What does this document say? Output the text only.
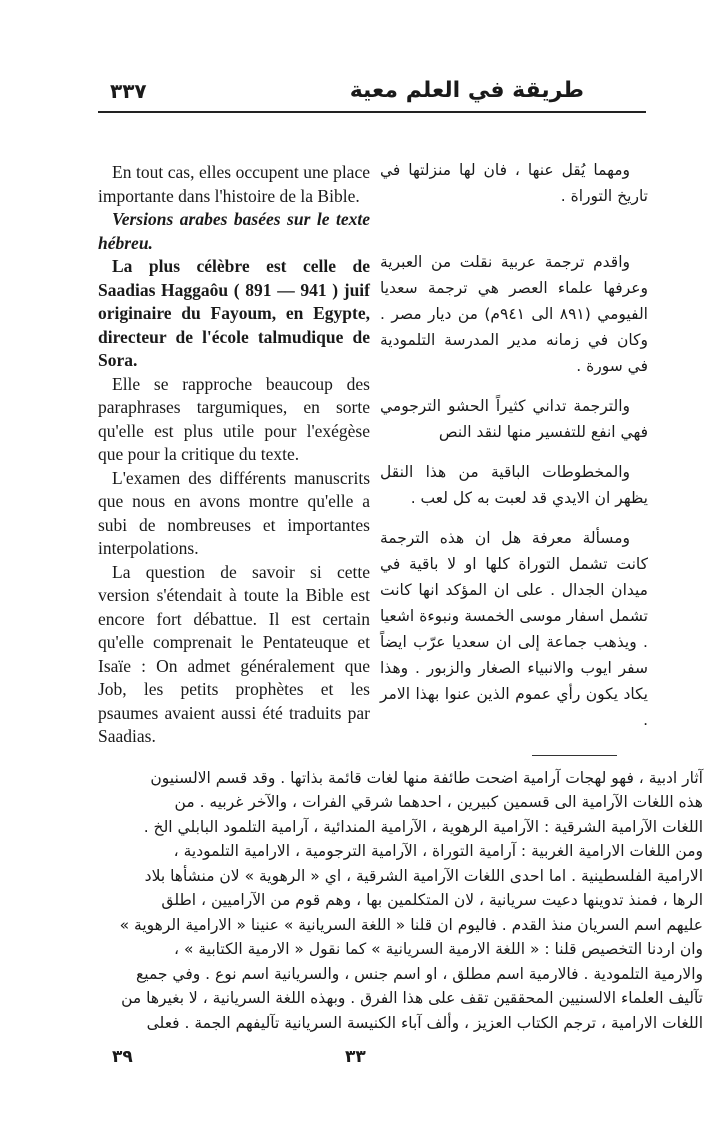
٣٣٧	طريقة في العلم معية

En tout cas, elles occupent une place importante dans l'histoire de la Bible.

Versions arabes basées sur le texte hébreu.

La plus célèbre est celle de Saadias Haggaôu ( 891 — 941 ) juif originaire du Fayoum, en Egypte, directeur de l'école talmudique de Sora.

Elle se rapproche beaucoup des paraphrases targumiques, en sorte qu'elle est plus utile pour l'exégèse que pour la critique du texte.

L'examen des différents manuscrits que nous en avons montre qu'elle a subi de nombreuses et importantes interpolations.

La question de savoir si cette version s'étendait à toute la Bible est encore fort débattue. Il est certain qu'elle comprenait le Pentateuque et Isaïe : On admet généralement que Job, les petits prophètes et les psaumes avaient aussi été traduits par Saadias.

ومهما يُقل عنها ، فان لها منزلتها في تاريخ التوراة .

واقدم ترجمة عربية نقلت من العبرية وعرفها علماء العصر هي ترجمة سعديا الفيومي (٨٩١ الى ٩٤١م) من ديار مصر . وكان في زمانه مدير المدرسة التلمودية في سورة .

والترجمة تداني كثيراً الحشو الترجومي فهي انفع للتفسير منها لنقد النص

والمخطوطات الباقية من هذا النقل يظهر ان الايدي قد لعبت به كل لعب .

ومسألة معرفة هل ان هذه الترجمة كانت تشمل التوراة كلها او لا باقية في ميدان الجدال . على ان المؤكد انها كانت تشمل اسفار موسى الخمسة ونبوءة اشعيا . ويذهب جماعة إلى ان سعديا عرّب ايضاً سفر ايوب والانبياء الصغار والزبور . وهذا يكاد يكون رأي عموم الذين عنوا بهذا الامر .

آثار ادبية ، فهو لهجات آرامية اضحت طائفة منها لغات قائمة بذاتها . وقد قسم الالسنيون

هذه اللغات الآرامية الى قسمين كبيرين ، احدهما شرقي الفرات ، والآخر غربيه . من

اللغات الآرامية الشرقية : الآرامية الرهوية ، الآرامية المندائية ، آرامية التلمود البابلي الخ .

ومن اللغات الارامية الغربية : آرامية التوراة ، الآرامية الترجومية ، الارامية التلمودية ،

الارامية الفلسطينية . اما احدى اللغات الآرامية الشرقية ، اي « الرهوية » لان منشأها بلاد

الرها ، فمنذ تدوينها دعيت سريانية ، لان المتكلمين بها ، وهم قوم من الآراميين ، اطلق

عليهم اسم السريان منذ القدم . فاليوم ان قلنا « اللغة السريانية » عنينا « الارامية الرهوية »

وان اردنا التخصيص قلنا : « اللغة الارمية السريانية » كما نقول « الارمية الكتابية » ،

والارمية التلمودية . فالارمية اسم مطلق ، او اسم جنس ، والسريانية اسم نوع . وفي جميع

تآليف العلماء الالسنيين المحققين تقف على هذا الفرق . وبهذه اللغة السريانية ، لا بغيرها من

اللغات الارامية ، ترجم الكتاب العزيز ، وألف آباء الكنيسة السريانية تآليفهم الجمة . فعلى

٣٩	٣٣
